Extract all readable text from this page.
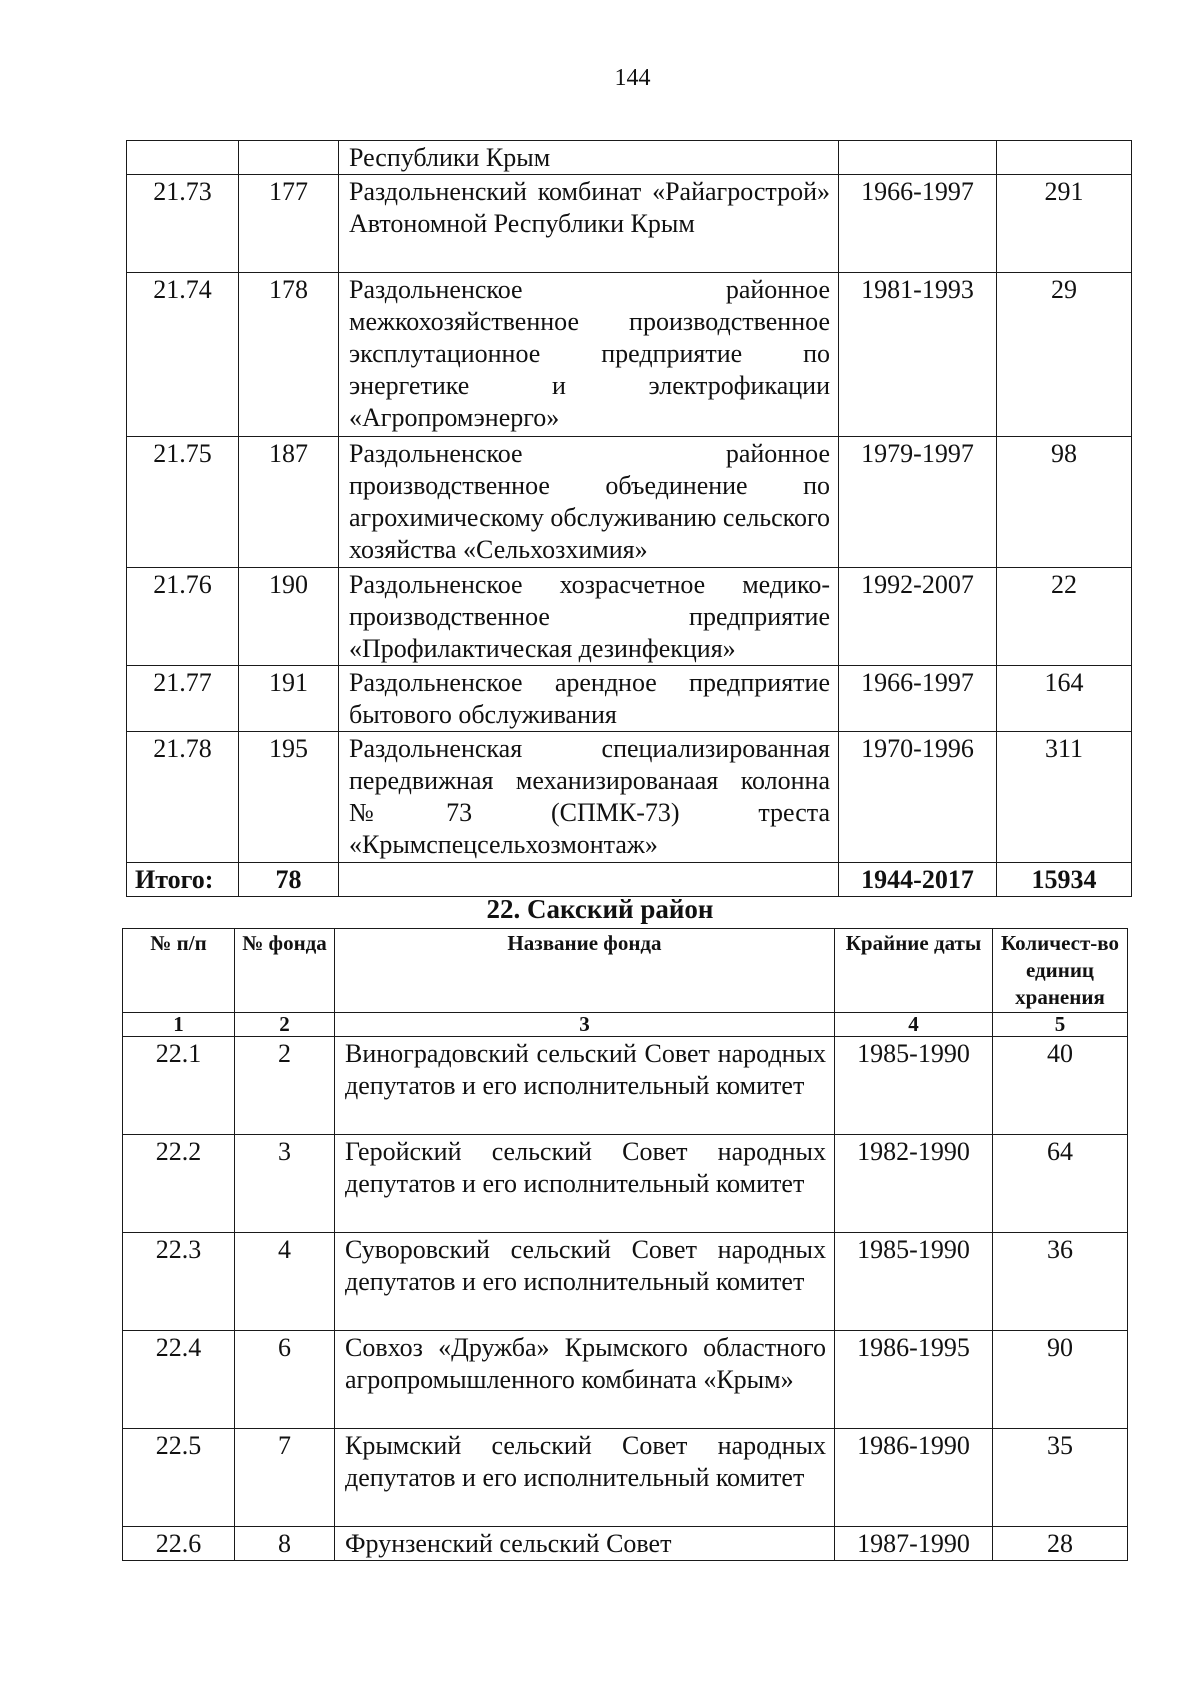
144
		Республики Крым		
21.73	177	Раздольненский комбинат «Райагрострой» Автономной Республики Крым	1966-1997	291
21.74	178	Раздольненское районное межкохозяйственное производственное эксплутационное предприятие по энергетике и электрофикации «Агропромэнерго»	1981-1993	29
21.75	187	Раздольненское районное производственное объединение по агрохимическому обслуживанию сельского хозяйства «Сельхозхимия»	1979-1997	98
21.76	190	Раздольненское хозрасчетное медико-производственное предприятие «Профилактическая дезинфекция»	1992-2007	22
21.77	191	Раздольненское арендное предприятие бытового обслуживания	1966-1997	164
21.78	195	Раздольненская специализированная передвижная механизированаая колонна №73 (СПМК-73) треста «Крымспецсельхозмонтаж»	1970-1996	311
Итого:	78		1944-2017	15934
22. Сакский район
№ п/п	№ фонда	Название фонда	Крайние даты	Количест-во единиц хранения
1	2	3	4	5
22.1	2	Виноградовский сельский Совет народных депутатов и его исполнительный комитет	1985-1990	40
22.2	3	Геройский сельский Совет народных депутатов и его исполнительный комитет	1982-1990	64
22.3	4	Суворовский сельский Совет народных депутатов и его исполнительный комитет	1985-1990	36
22.4	6	Совхоз «Дружба» Крымского областного агропромышленного комбината «Крым»	1986-1995	90
22.5	7	Крымский сельский Совет народных депутатов и его исполнительный комитет	1986-1990	35
22.6	8	Фрунзенский сельский Совет	1987-1990	28
